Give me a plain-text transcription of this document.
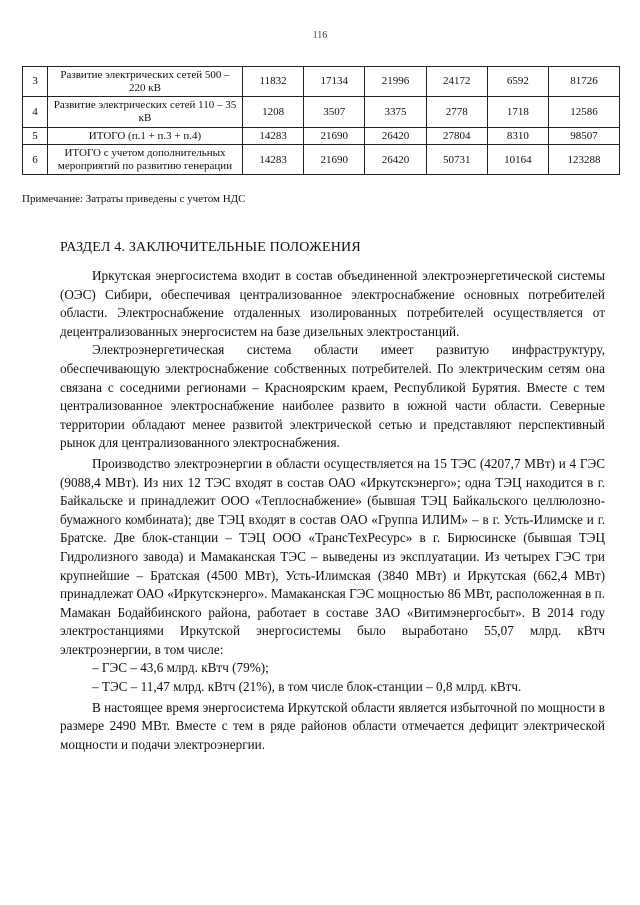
116
3	Развитие электрических сетей 500 – 220 кВ	11832	17134	21996	24172	6592	81726
4	Развитие электрических сетей 110 – 35 кВ	1208	3507	3375	2778	1718	12586
5	ИТОГО (п.1 + п.3 + п.4)	14283	21690	26420	27804	8310	98507
6	ИТОГО с учетом дополнительных мероприятий по развитию генерации	14283	21690	26420	50731	10164	123288
Примечание: Затраты приведены с учетом НДС
РАЗДЕЛ 4. ЗАКЛЮЧИТЕЛЬНЫЕ ПОЛОЖЕНИЯ

Иркутская энергосистема входит в состав объединенной электроэнергетической системы (ОЭС) Сибири, обеспечивая централизованное электроснабжение основных потребителей области. Электроснабжение отдаленных изолированных потребителей осуществляется от децентрализованных энергосистем на базе дизельных электростанций.

Электроэнергетическая система области имеет развитую инфраструктуру, обеспечивающую электроснабжение собственных потребителей. По электрическим сетям она связана с соседними регионами – Красноярским краем, Республикой Бурятия. Вместе с тем централизованное электроснабжение наиболее развито в южной части области. Северные территории обладают менее развитой электрической сетью и представляют перспективный рынок для централизованного электроснабжения.

Производство электроэнергии в области осуществляется на 15 ТЭС (4207,7 МВт) и 4 ГЭС (9088,4 МВт). Из них 12 ТЭС входят в состав ОАО «Иркутскэнерго»; одна ТЭЦ находится в г. Байкальске и принадлежит ООО «Теплоснабжение» (бывшая ТЭЦ Байкальского целлюлозно-бумажного комбината); две ТЭЦ входят в состав ОАО «Группа ИЛИМ» – в г. Усть-Илимске и г. Братске. Две блок-станции – ТЭЦ ООО «ТрансТехРесурс» в г. Бирюсинске (бывшая ТЭЦ Гидролизного завода) и Мамаканская ТЭС – выведены из эксплуатации. Из четырех ГЭС три крупнейшие – Братская (4500 МВт), Усть-Илимская (3840 МВт) и Иркутская (662,4 МВт) принадлежат ОАО «Иркутскэнерго». Мамаканская ГЭС мощностью 86 МВт, расположенная в п. Мамакан Бодайбинского района, работает в составе ЗАО «Витимэнергосбыт». В 2014 году электростанциями Иркутской энергосистемы было выработано 55,07 млрд. кВтч электроэнергии, в том числе:

– ГЭС – 43,6 млрд. кВтч (79%);

– ТЭС – 11,47 млрд. кВтч (21%), в том числе блок-станции – 0,8 млрд. кВтч.

В настоящее время энергосистема Иркутской области является избыточной по мощности в размере 2490 МВт. Вместе с тем в ряде районов области отмечается дефицит электрической мощности и подачи электроэнергии.
